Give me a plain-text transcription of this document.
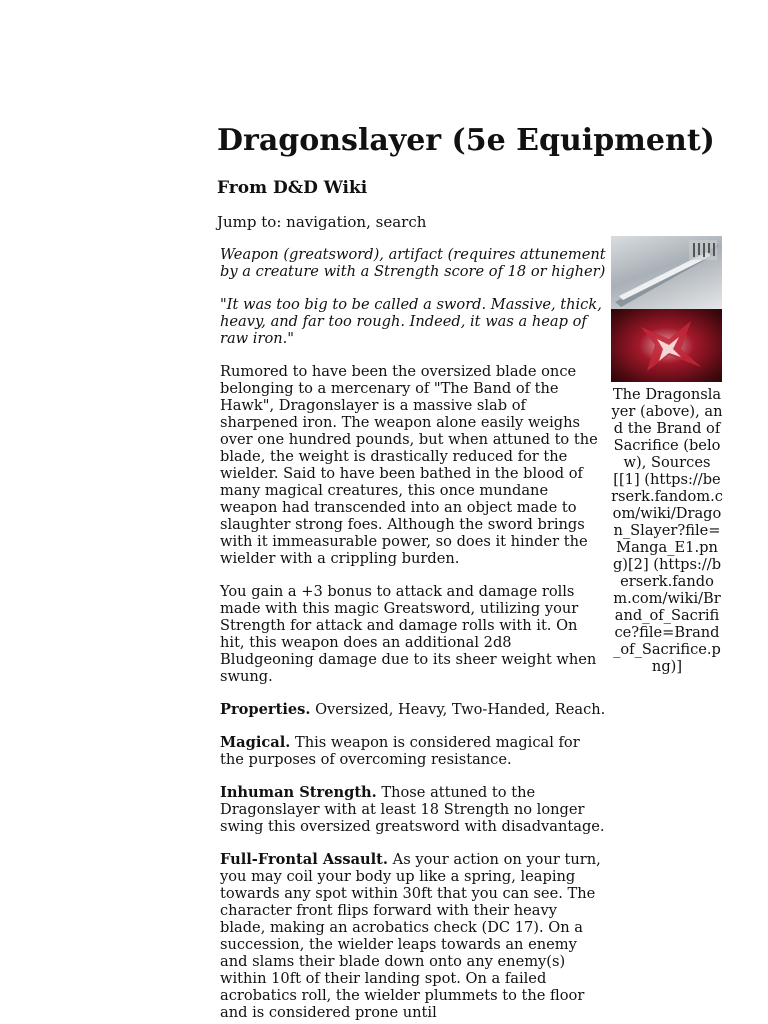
Dragonslayer (5e Equipment)
From D&D Wiki
Jump to: navigation, search

Weapon (greatsword), artifact (requires attunement by a creature with a Strength score of 18 or higher)

"It was too big to be called a sword. Massive, thick, heavy, and far too rough. Indeed, it was a heap of raw iron."

Rumored to have been the oversized blade once belonging to a mercenary of "The Band of the Hawk", Dragonslayer is a massive slab of sharpened iron. The weapon alone easily weighs over one hundred pounds, but when attuned to the blade, the weight is drastically reduced for the wielder. Said to have been bathed in the blood of many magical creatures, this once mundane weapon had transcended into an object made to slaughter strong foes. Although the sword brings with it immeasurable power, so does it hinder the wielder with a crippling burden.

You gain a +3 bonus to attack and damage rolls made with this magic Greatsword, utilizing your Strength for attack and damage rolls with it. On hit, this weapon does an additional 2d8 Bludgeoning damage due to its sheer weight when swung.

Properties. Oversized, Heavy, Two-Handed, Reach.

Magical. This weapon is considered magical for the purposes of overcoming resistance.

Inhuman Strength. Those attuned to the Dragonslayer with at least 18 Strength no longer swing this oversized greatsword with disadvantage.

Full-Frontal Assault. As your action on your turn, you may coil your body up like a spring, leaping towards any spot within 30ft that you can see. The character front flips forward with their heavy blade, making an acrobatics check (DC 17). On a succession, the wielder leaps towards an enemy and slams their blade down onto any enemy(s) within 10ft of their landing spot. On a failed acrobatics roll, the wielder plummets to the floor and is considered prone until

The Dragonslayer (above), and the Brand of Sacrifice (below), Sources [[1] (https://berserk.fandom.com/wiki/Dragon_Slayer?file=Manga_E1.png)[2] (https://berserk.fandom.com/wiki/Brand_of_Sacrifice?file=Brand_of_Sacrifice.png)]
